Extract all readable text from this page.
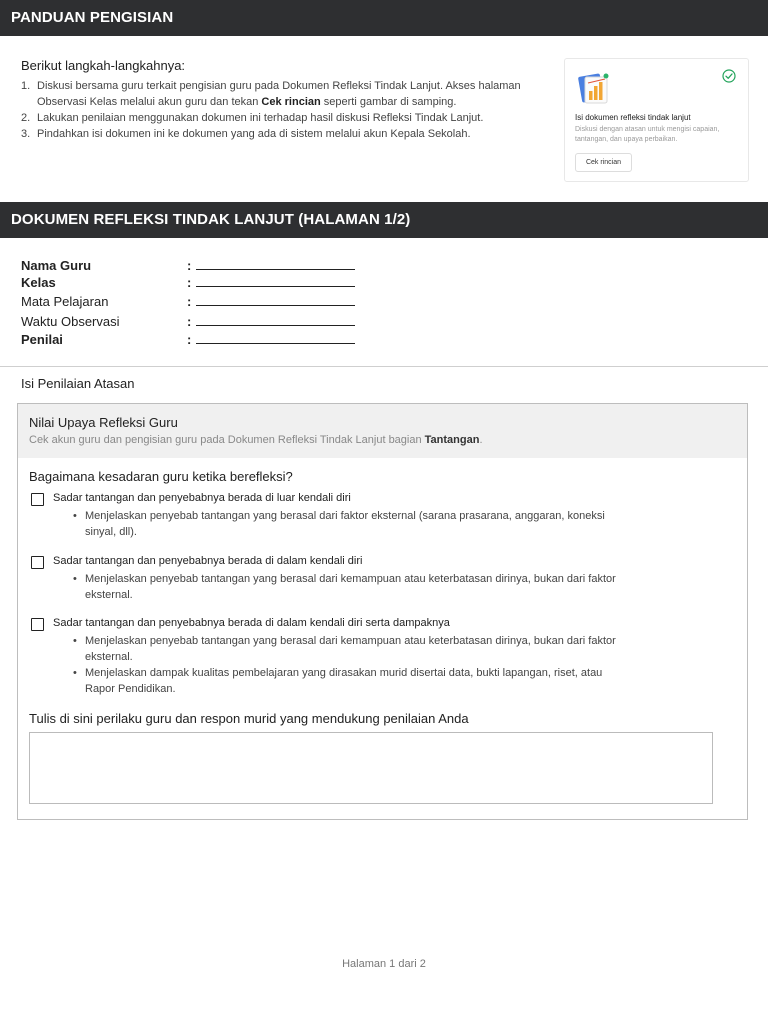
PANDUAN PENGISIAN
Berikut langkah-langkahnya:
1. Diskusi bersama guru terkait pengisian guru pada Dokumen Refleksi Tindak Lanjut. Akses halaman Observasi Kelas melalui akun guru dan tekan Cek rincian seperti gambar di samping.
2. Lakukan penilaian menggunakan dokumen ini terhadap hasil diskusi Refleksi Tindak Lanjut.
3. Pindahkan isi dokumen ini ke dokumen yang ada di sistem melalui akun Kepala Sekolah.
Isi dokumen refleksi tindak lanjut
Diskusi dengan atasan untuk mengisi capaian, tantangan, dan upaya perbaikan.
Cek rincian
DOKUMEN REFLEKSI TINDAK LANJUT (HALAMAN 1/2)
Nama Guru	:
Kelas	:
Mata Pelajaran	:
Waktu Observasi	:
Penilai	:
Isi Penilaian Atasan
Nilai Upaya Refleksi Guru
Cek akun guru dan pengisian guru pada Dokumen Refleksi Tindak Lanjut bagian Tantangan.
Bagaimana kesadaran guru ketika berefleksi?
Sadar tantangan dan penyebabnya berada di luar kendali diri
• Menjelaskan penyebab tantangan yang berasal dari faktor eksternal (sarana prasarana, anggaran, koneksi sinyal, dll).
Sadar tantangan dan penyebabnya berada di dalam kendali diri
• Menjelaskan penyebab tantangan yang berasal dari kemampuan atau keterbatasan dirinya, bukan dari faktor eksternal.
Sadar tantangan dan penyebabnya berada di dalam kendali diri serta dampaknya
• Menjelaskan penyebab tantangan yang berasal dari kemampuan atau keterbatasan dirinya, bukan dari faktor eksternal.
• Menjelaskan dampak kualitas pembelajaran yang dirasakan murid disertai data, bukti lapangan, riset, atau Rapor Pendidikan.
Tulis di sini perilaku guru dan respon murid yang mendukung penilaian Anda
Halaman 1 dari 2
